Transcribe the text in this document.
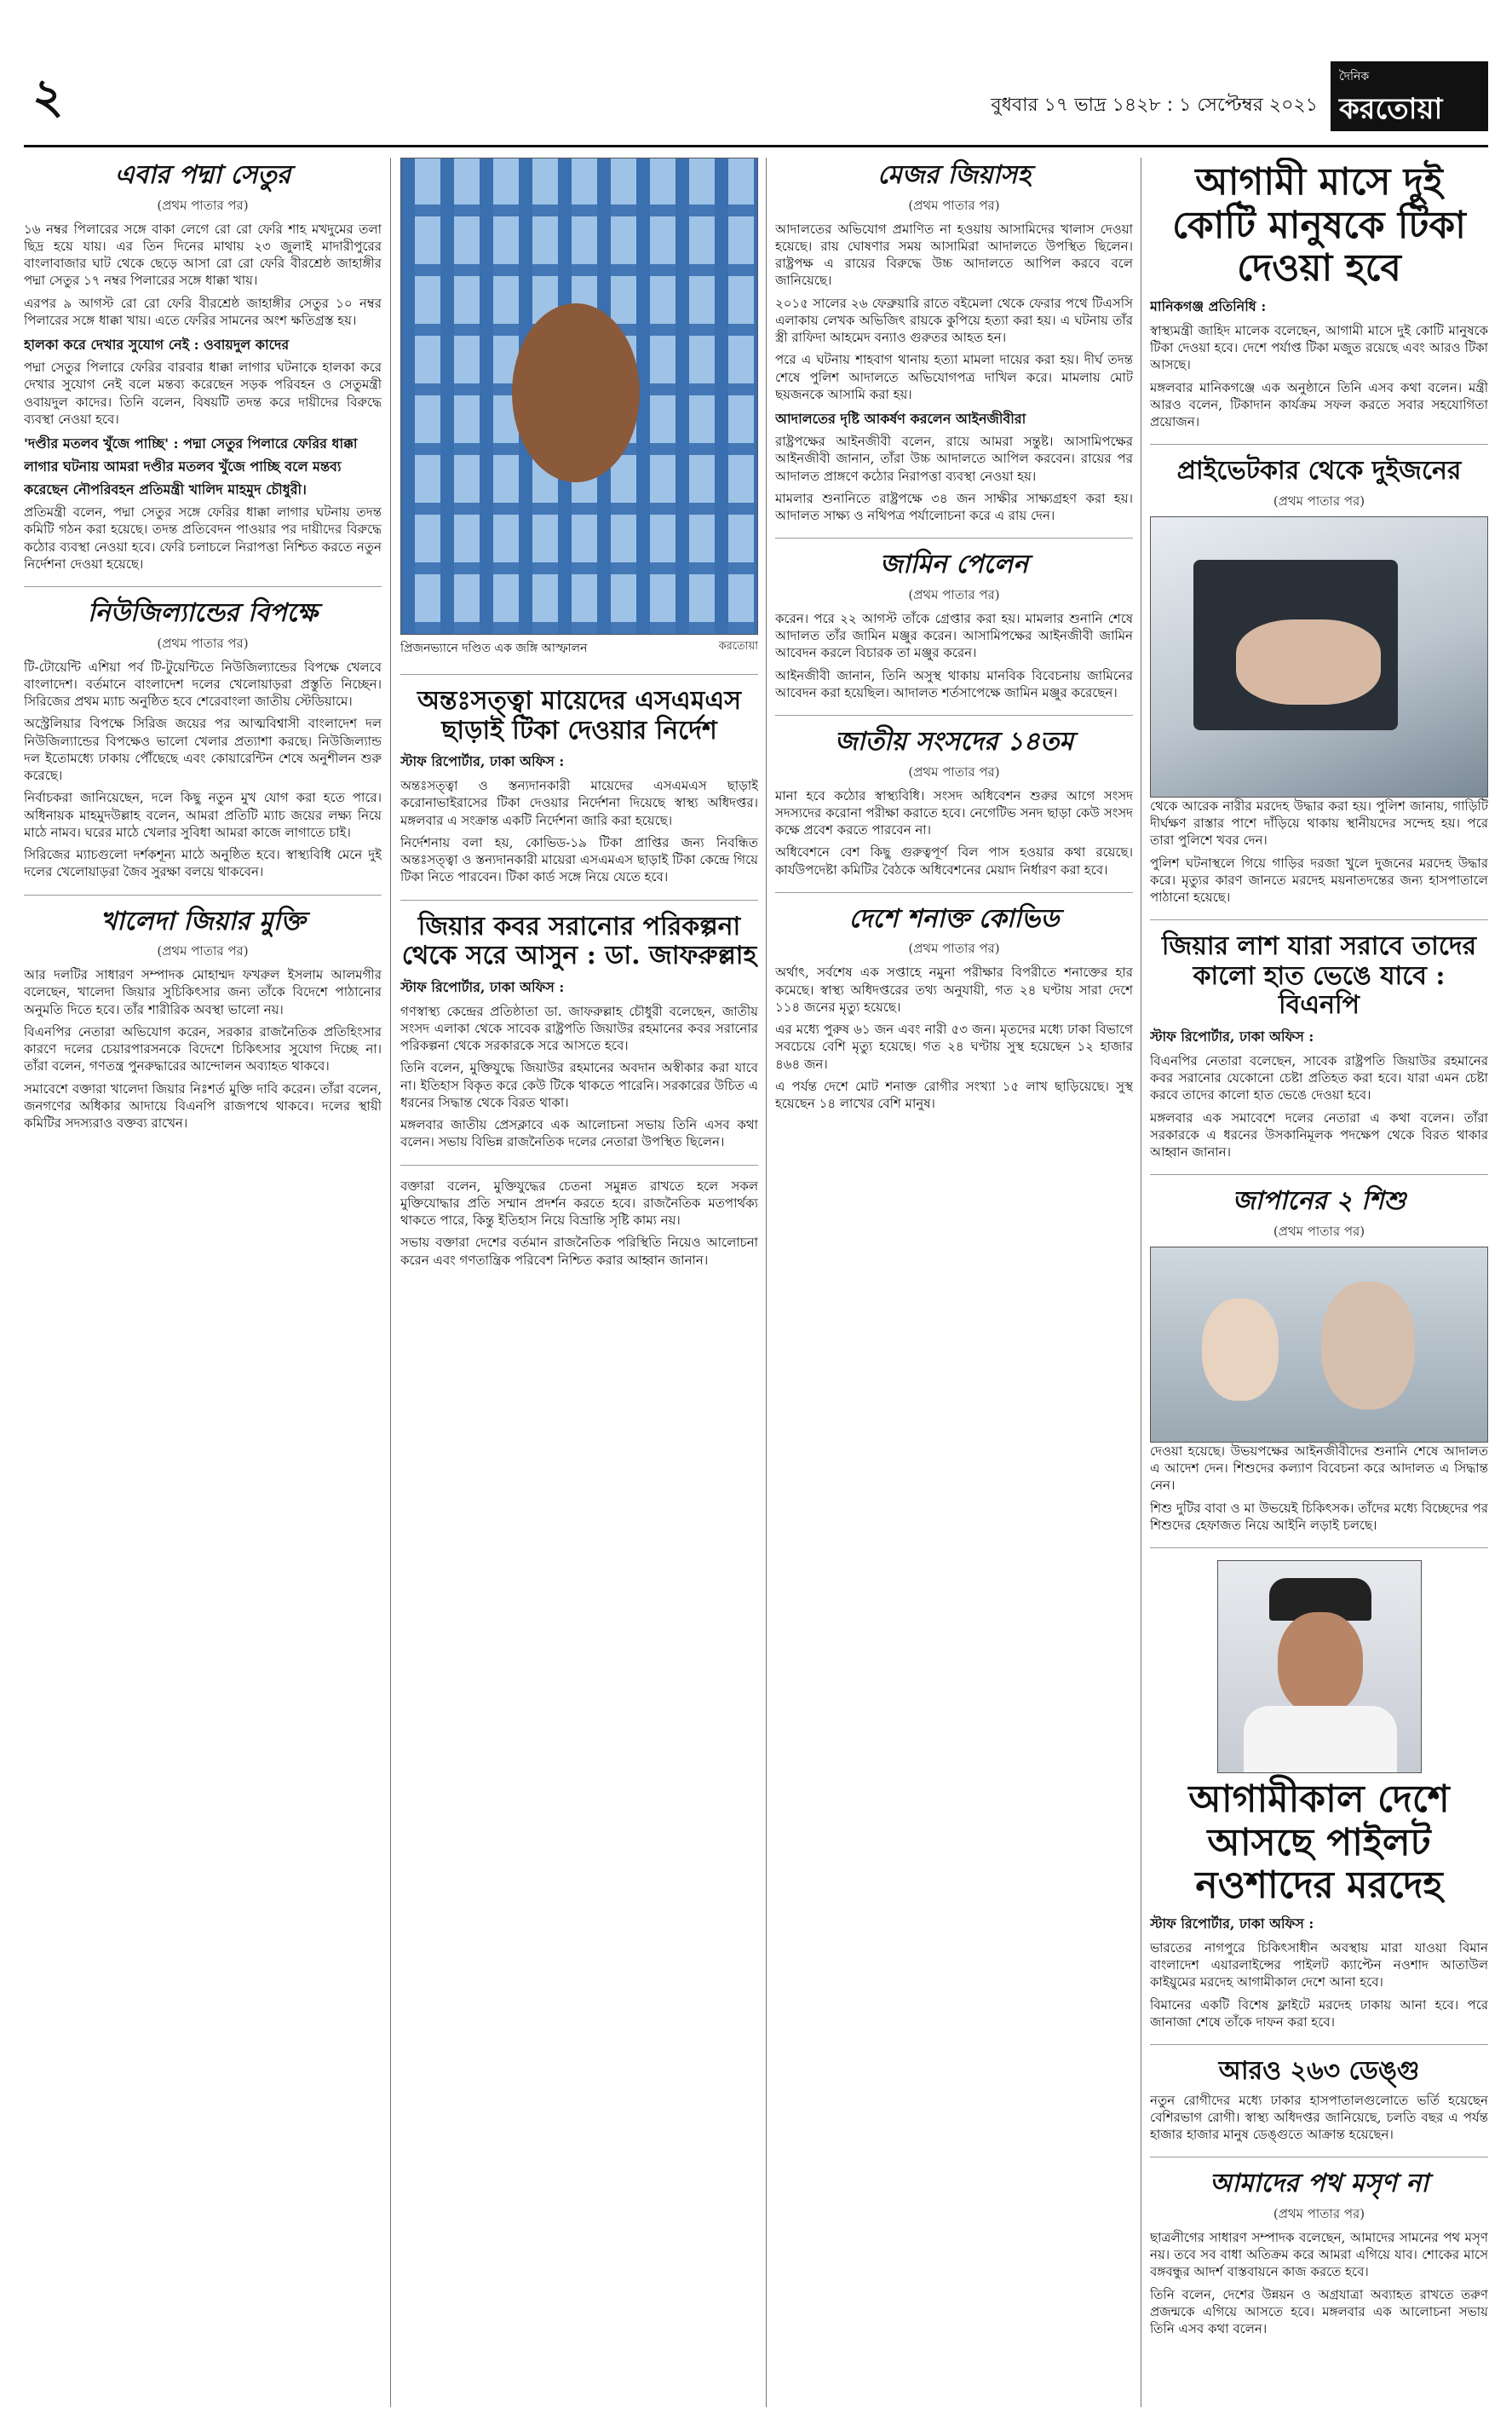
২	বুধবার ১৭ ভাদ্র ১৪২৮ : ১ সেপ্টেম্বর ২০২১
দৈনিক
করতোয়া
এবার পদ্মা সেতুর
(প্রথম পাতার পর)

১৬ নম্বর পিলারের সঙ্গে বাকা লেগে রো রো ফেরি শাহ মখদুমের তলা ছিদ্র হয়ে যায়। এর তিন দিনের মাথায় ২৩ জুলাই মাদারীপুরের বাংলাবাজার ঘাট থেকে ছেড়ে আসা রো রো ফেরি বীরশ্রেষ্ঠ জাহাঙ্গীর পদ্মা সেতুর ১৭ নম্বর পিলারের সঙ্গে ধাক্কা খায়।

এরপর ৯ আগস্ট রো রো ফেরি বীরশ্রেষ্ঠ জাহাঙ্গীর সেতুর ১০ নম্বর পিলারের সঙ্গে ধাক্কা খায়। এতে ফেরির সামনের অংশ ক্ষতিগ্রস্ত হয়।

হালকা করে দেখার সুযোগ নেই : ওবায়দুল কাদের

পদ্মা সেতুর পিলারে ফেরির বারবার ধাক্কা লাগার ঘটনাকে হালকা করে দেখার সুযোগ নেই বলে মন্তব্য করেছেন সড়ক পরিবহন ও সেতুমন্ত্রী ওবায়দুল কাদের। তিনি বলেন, বিষয়টি তদন্ত করে দায়ীদের বিরুদ্ধে ব্যবস্থা নেওয়া হবে।

'দণ্ডীর মতলব খুঁজে পাচ্ছি' : পদ্মা সেতুর পিলারে ফেরির ধাক্কা লাগার ঘটনায় আমরা দণ্ডীর মতলব খুঁজে পাচ্ছি বলে মন্তব্য করেছেন নৌপরিবহন প্রতিমন্ত্রী খালিদ মাহমুদ চৌধুরী।

প্রতিমন্ত্রী বলেন, পদ্মা সেতুর সঙ্গে ফেরির ধাক্কা লাগার ঘটনায় তদন্ত কমিটি গঠন করা হয়েছে। তদন্ত প্রতিবেদন পাওয়ার পর দায়ীদের বিরুদ্ধে কঠোর ব্যবস্থা নেওয়া হবে। ফেরি চলাচলে নিরাপত্তা নিশ্চিত করতে নতুন নির্দেশনা দেওয়া হয়েছে।

নিউজিল্যান্ডের বিপক্ষে
(প্রথম পাতার পর)

টি-টোয়েন্টি এশিয়া পর্ব টি-টুয়েন্টিতে নিউজিল্যান্ডের বিপক্ষে খেলবে বাংলাদেশ। বর্তমানে বাংলাদেশ দলের খেলোয়াড়রা প্রস্তুতি নিচ্ছেন। সিরিজের প্রথম ম্যাচ অনুষ্ঠিত হবে শেরেবাংলা জাতীয় স্টেডিয়ামে।

অস্ট্রেলিয়ার বিপক্ষে সিরিজ জয়ের পর আত্মবিশ্বাসী বাংলাদেশ দল নিউজিল্যান্ডের বিপক্ষেও ভালো খেলার প্রত্যাশা করছে। নিউজিল্যান্ড দল ইতোমধ্যে ঢাকায় পৌঁছেছে এবং কোয়ারেন্টিন শেষে অনুশীলন শুরু করেছে।

নির্বাচকরা জানিয়েছেন, দলে কিছু নতুন মুখ যোগ করা হতে পারে। অধিনায়ক মাহমুদউল্লাহ বলেন, আমরা প্রতিটি ম্যাচ জয়ের লক্ষ্য নিয়ে মাঠে নামব। ঘরের মাঠে খেলার সুবিধা আমরা কাজে লাগাতে চাই।

সিরিজের ম্যাচগুলো দর্শকশূন্য মাঠে অনুষ্ঠিত হবে। স্বাস্থ্যবিধি মেনে দুই দলের খেলোয়াড়রা জৈব সুরক্ষা বলয়ে থাকবেন।

খালেদা জিয়ার মুক্তি
(প্রথম পাতার পর)

আর দলটির সাধারণ সম্পাদক মোহাম্মদ ফখরুল ইসলাম আলমগীর বলেছেন, খালেদা জিয়ার সুচিকিৎসার জন্য তাঁকে বিদেশে পাঠানোর অনুমতি দিতে হবে। তাঁর শারীরিক অবস্থা ভালো নয়।

বিএনপির নেতারা অভিযোগ করেন, সরকার রাজনৈতিক প্রতিহিংসার কারণে দলের চেয়ারপারসনকে বিদেশে চিকিৎসার সুযোগ দিচ্ছে না। তাঁরা বলেন, গণতন্ত্র পুনরুদ্ধারের আন্দোলন অব্যাহত থাকবে।

সমাবেশে বক্তারা খালেদা জিয়ার নিঃশর্ত মুক্তি দাবি করেন। তাঁরা বলেন, জনগণের অধিকার আদায়ে বিএনপি রাজপথে থাকবে। দলের স্থায়ী কমিটির সদস্যরাও বক্তব্য রাখেন।

প্রিজনভ্যানে দণ্ডিত এক জঙ্গি আস্ফালন	করতোয়া
অন্তঃসত্ত্বা মায়েদের এসএমএস ছাড়াই টিকা দেওয়ার নির্দেশ
স্টাফ রিপোর্টার, ঢাকা অফিস :

অন্তঃসত্ত্বা ও স্তন্যদানকারী মায়েদের এসএমএস ছাড়াই করোনাভাইরাসের টিকা দেওয়ার নির্দেশনা দিয়েছে স্বাস্থ্য অধিদপ্তর। মঙ্গলবার এ সংক্রান্ত একটি নির্দেশনা জারি করা হয়েছে।

নির্দেশনায় বলা হয়, কোভিড-১৯ টিকা প্রাপ্তির জন্য নিবন্ধিত অন্তঃসত্ত্বা ও স্তন্যদানকারী মায়েরা এসএমএস ছাড়াই টিকা কেন্দ্রে গিয়ে টিকা নিতে পারবেন। টিকা কার্ড সঙ্গে নিয়ে যেতে হবে।

জিয়ার কবর সরানোর পরিকল্পনা থেকে সরে আসুন : ডা. জাফরুল্লাহ
স্টাফ রিপোর্টার, ঢাকা অফিস :

গণস্বাস্থ্য কেন্দ্রের প্রতিষ্ঠাতা ডা. জাফরুল্লাহ চৌধুরী বলেছেন, জাতীয় সংসদ এলাকা থেকে সাবেক রাষ্ট্রপতি জিয়াউর রহমানের কবর সরানোর পরিকল্পনা থেকে সরকারকে সরে আসতে হবে।

তিনি বলেন, মুক্তিযুদ্ধে জিয়াউর রহমানের অবদান অস্বীকার করা যাবে না। ইতিহাস বিকৃত করে কেউ টিকে থাকতে পারেনি। সরকারের উচিত এ ধরনের সিদ্ধান্ত থেকে বিরত থাকা।

মঙ্গলবার জাতীয় প্রেসক্লাবে এক আলোচনা সভায় তিনি এসব কথা বলেন। সভায় বিভিন্ন রাজনৈতিক দলের নেতারা উপস্থিত ছিলেন।

বক্তারা বলেন, মুক্তিযুদ্ধের চেতনা সমুন্নত রাখতে হলে সকল মুক্তিযোদ্ধার প্রতি সম্মান প্রদর্শন করতে হবে। রাজনৈতিক মতপার্থক্য থাকতে পারে, কিন্তু ইতিহাস নিয়ে বিভ্রান্তি সৃষ্টি কাম্য নয়।

সভায় বক্তারা দেশের বর্তমান রাজনৈতিক পরিস্থিতি নিয়েও আলোচনা করেন এবং গণতান্ত্রিক পরিবেশ নিশ্চিত করার আহ্বান জানান।

মেজর জিয়াসহ
(প্রথম পাতার পর)

আদালতের অভিযোগ প্রমাণিত না হওয়ায় আসামিদের খালাস দেওয়া হয়েছে। রায় ঘোষণার সময় আসামিরা আদালতে উপস্থিত ছিলেন। রাষ্ট্রপক্ষ এ রায়ের বিরুদ্ধে উচ্চ আদালতে আপিল করবে বলে জানিয়েছে।

২০১৫ সালের ২৬ ফেব্রুয়ারি রাতে বইমেলা থেকে ফেরার পথে টিএসসি এলাকায় লেখক অভিজিৎ রায়কে কুপিয়ে হত্যা করা হয়। এ ঘটনায় তাঁর স্ত্রী রাফিদা আহমেদ বন্যাও গুরুতর আহত হন।

পরে এ ঘটনায় শাহবাগ থানায় হত্যা মামলা দায়ের করা হয়। দীর্ঘ তদন্ত শেষে পুলিশ আদালতে অভিযোগপত্র দাখিল করে। মামলায় মোট ছয়জনকে আসামি করা হয়।

আদালতের দৃষ্টি আকর্ষণ করলেন আইনজীবীরা

রাষ্ট্রপক্ষের আইনজীবী বলেন, রায়ে আমরা সন্তুষ্ট। আসামিপক্ষের আইনজীবী জানান, তাঁরা উচ্চ আদালতে আপিল করবেন। রায়ের পর আদালত প্রাঙ্গণে কঠোর নিরাপত্তা ব্যবস্থা নেওয়া হয়।

মামলার শুনানিতে রাষ্ট্রপক্ষে ৩৪ জন সাক্ষীর সাক্ষ্যগ্রহণ করা হয়। আদালত সাক্ষ্য ও নথিপত্র পর্যালোচনা করে এ রায় দেন।

জামিন পেলেন
(প্রথম পাতার পর)

করেন। পরে ২২ আগস্ট তাঁকে গ্রেপ্তার করা হয়। মামলার শুনানি শেষে আদালত তাঁর জামিন মঞ্জুর করেন। আসামিপক্ষের আইনজীবী জামিন আবেদন করলে বিচারক তা মঞ্জুর করেন।

আইনজীবী জানান, তিনি অসুস্থ থাকায় মানবিক বিবেচনায় জামিনের আবেদন করা হয়েছিল। আদালত শর্তসাপেক্ষে জামিন মঞ্জুর করেছেন।

জাতীয় সংসদের ১৪তম
(প্রথম পাতার পর)

মানা হবে কঠোর স্বাস্থ্যবিধি। সংসদ অধিবেশন শুরুর আগে সংসদ সদস্যদের করোনা পরীক্ষা করাতে হবে। নেগেটিভ সনদ ছাড়া কেউ সংসদ কক্ষে প্রবেশ করতে পারবেন না।

অধিবেশনে বেশ কিছু গুরুত্বপূর্ণ বিল পাস হওয়ার কথা রয়েছে। কার্যউপদেষ্টা কমিটির বৈঠকে অধিবেশনের মেয়াদ নির্ধারণ করা হবে।

দেশে শনাক্ত কোভিড
(প্রথম পাতার পর)

অর্থাৎ, সর্বশেষ এক সপ্তাহে নমুনা পরীক্ষার বিপরীতে শনাক্তের হার কমেছে। স্বাস্থ্য অধিদপ্তরের তথ্য অনুযায়ী, গত ২৪ ঘণ্টায় সারা দেশে ১১৪ জনের মৃত্যু হয়েছে।

এর মধ্যে পুরুষ ৬১ জন এবং নারী ৫৩ জন। মৃতদের মধ্যে ঢাকা বিভাগে সবচেয়ে বেশি মৃত্যু হয়েছে। গত ২৪ ঘণ্টায় সুস্থ হয়েছেন ১২ হাজার ৪৬৪ জন।

এ পর্যন্ত দেশে মোট শনাক্ত রোগীর সংখ্যা ১৫ লাখ ছাড়িয়েছে। সুস্থ হয়েছেন ১৪ লাখের বেশি মানুষ।

আগামী মাসে দুই কোটি মানুষকে টিকা দেওয়া হবে
মানিকগঞ্জ প্রতিনিধি :

স্বাস্থ্যমন্ত্রী জাহিদ মালেক বলেছেন, আগামী মাসে দুই কোটি মানুষকে টিকা দেওয়া হবে। দেশে পর্যাপ্ত টিকা মজুত রয়েছে এবং আরও টিকা আসছে।

মঙ্গলবার মানিকগঞ্জে এক অনুষ্ঠানে তিনি এসব কথা বলেন। মন্ত্রী আরও বলেন, টিকাদান কার্যক্রম সফল করতে সবার সহযোগিতা প্রয়োজন।

প্রাইভেটকার থেকে দুইজনের
(প্রথম পাতার পর)

থেকে আরেক নারীর মরদেহ উদ্ধার করা হয়। পুলিশ জানায়, গাড়িটি দীর্ঘক্ষণ রাস্তার পাশে দাঁড়িয়ে থাকায় স্থানীয়দের সন্দেহ হয়। পরে তারা পুলিশে খবর দেন।

পুলিশ ঘটনাস্থলে গিয়ে গাড়ির দরজা খুলে দুজনের মরদেহ উদ্ধার করে। মৃত্যুর কারণ জানতে মরদেহ ময়নাতদন্তের জন্য হাসপাতালে পাঠানো হয়েছে।

জিয়ার লাশ যারা সরাবে তাদের কালো হাত ভেঙে যাবে : বিএনপি
স্টাফ রিপোর্টার, ঢাকা অফিস :

বিএনপির নেতারা বলেছেন, সাবেক রাষ্ট্রপতি জিয়াউর রহমানের কবর সরানোর যেকোনো চেষ্টা প্রতিহত করা হবে। যারা এমন চেষ্টা করবে তাদের কালো হাত ভেঙে দেওয়া হবে।

মঙ্গলবার এক সমাবেশে দলের নেতারা এ কথা বলেন। তাঁরা সরকারকে এ ধরনের উসকানিমূলক পদক্ষেপ থেকে বিরত থাকার আহ্বান জানান।

জাপানের ২ শিশু
(প্রথম পাতার পর)

দেওয়া হয়েছে। উভয়পক্ষের আইনজীবীদের শুনানি শেষে আদালত এ আদেশ দেন। শিশুদের কল্যাণ বিবেচনা করে আদালত এ সিদ্ধান্ত নেন।

শিশু দুটির বাবা ও মা উভয়েই চিকিৎসক। তাঁদের মধ্যে বিচ্ছেদের পর শিশুদের হেফাজত নিয়ে আইনি লড়াই চলছে।

আগামীকাল দেশে আসছে পাইলট নওশাদের মরদেহ
স্টাফ রিপোর্টার, ঢাকা অফিস :

ভারতের নাগপুরে চিকিৎসাধীন অবস্থায় মারা যাওয়া বিমান বাংলাদেশ এয়ারলাইন্সের পাইলট ক্যাপ্টেন নওশাদ আতাউল কাইয়ুমের মরদেহ আগামীকাল দেশে আনা হবে।

বিমানের একটি বিশেষ ফ্লাইটে মরদেহ ঢাকায় আনা হবে। পরে জানাজা শেষে তাঁকে দাফন করা হবে।

আরও ২৬৩ ডেঙ্গু

নতুন রোগীদের মধ্যে ঢাকার হাসপাতালগুলোতে ভর্তি হয়েছেন বেশিরভাগ রোগী। স্বাস্থ্য অধিদপ্তর জানিয়েছে, চলতি বছর এ পর্যন্ত হাজার হাজার মানুষ ডেঙ্গুতে আক্রান্ত হয়েছেন।

আমাদের পথ মসৃণ না
(প্রথম পাতার পর)

ছাত্রলীগের সাধারণ সম্পাদক বলেছেন, আমাদের সামনের পথ মসৃণ নয়। তবে সব বাধা অতিক্রম করে আমরা এগিয়ে যাব। শোকের মাসে বঙ্গবন্ধুর আদর্শ বাস্তবায়নে কাজ করতে হবে।

তিনি বলেন, দেশের উন্নয়ন ও অগ্রযাত্রা অব্যাহত রাখতে তরুণ প্রজন্মকে এগিয়ে আসতে হবে। মঙ্গলবার এক আলোচনা সভায় তিনি এসব কথা বলেন।
